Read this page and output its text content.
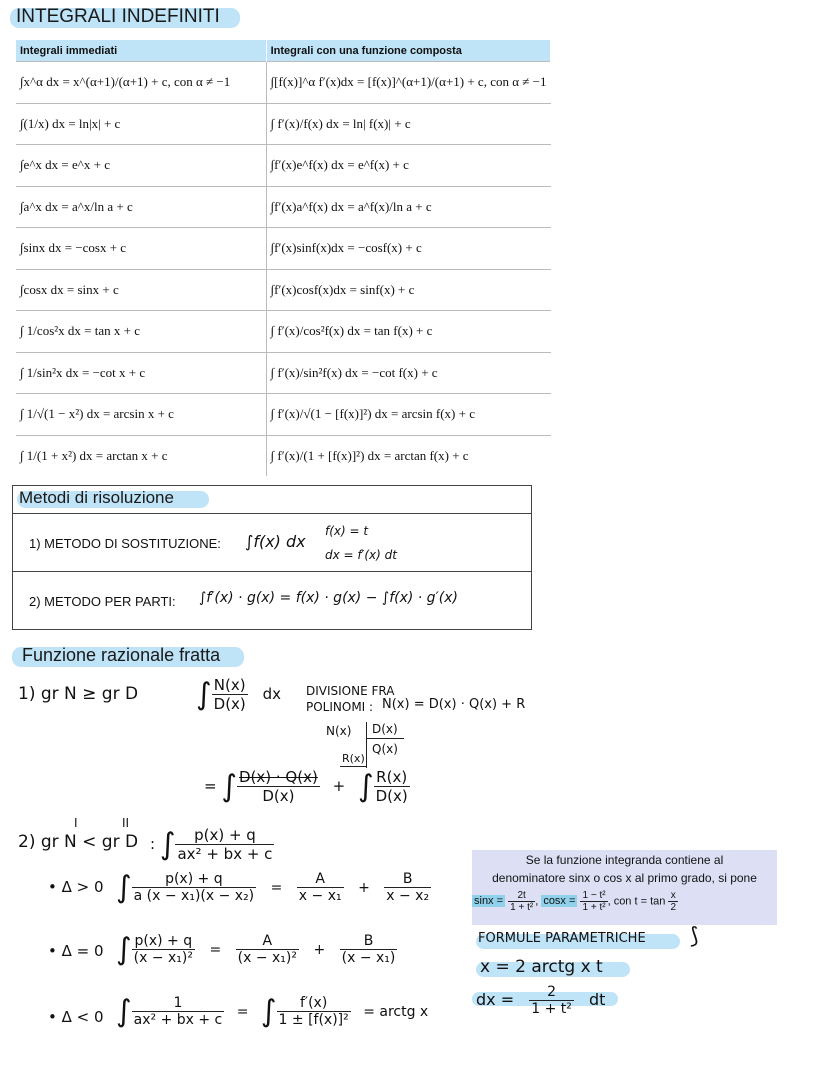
INTEGRALI INDEFINITI
Integrali immediati	Integrali con una funzione composta
∫x^α dx = x^(α+1)/(α+1) + c, con α ≠ −1	∫[f(x)]^α f′(x)dx = [f(x)]^(α+1)/(α+1) + c, con α ≠ −1
∫(1/x) dx = ln|x| + c	∫ f′(x)/f(x) dx = ln| f(x)| + c
∫e^x dx = e^x + c	∫f′(x)e^f(x) dx = e^f(x) + c
∫a^x dx = a^x/ln a + c	∫f′(x)a^f(x) dx = a^f(x)/ln a + c
∫sinx dx = −cosx + c	∫f′(x)sinf(x)dx = −cosf(x) + c
∫cosx dx = sinx + c	∫f′(x)cosf(x)dx = sinf(x) + c
∫ 1/cos²x dx = tan x + c	∫ f′(x)/cos²f(x) dx = tan f(x) + c
∫ 1/sin²x dx = −cot x + c	∫ f′(x)/sin²f(x) dx = −cot f(x) + c
∫ 1/√(1 − x²) dx = arcsin x + c	∫ f′(x)/√(1 − [f(x)]²) dx = arcsin f(x) + c
∫ 1/(1 + x²) dx = arctan x + c	∫ f′(x)/(1 + [f(x)]²) dx = arctan f(x) + c
Metodi di risoluzione
1) METODO DI SOSTITUZIONE: ∫f(x) dx
f(x) = t
dx = f′(x) dt
2) METODO PER PARTI: ∫f′(x) · g(x) = f(x) · g(x) − ∫f(x) · g′(x)
Funzione razionale fratta
1) gr N ≥ gr D ∫ $\frac{N(x)}{D(x)}$ dx DIVISIONE FRA
POLINOMI : N(x) = D(x) · Q(x) + R
N(x) D(x)
Q(x)
R(x)
= ∫ $\frac{D(x) \cdot Q(x)}{D(x)}$ + ∫ $\frac{R(x)}{D(x)}$
I	II
2) gr N < gr D : ∫ $\frac{p(x) + q}{\text{ax² + bx + c}}$
• Δ > 0 ∫ $\frac{p(x) + q}{\text{a (x − x₁)(x − x₂)}} = \frac{A}{\text{x − x₁}} + \frac{B}{\text{x − x₂}}$
• Δ = 0 ∫ $\frac{p(x) + q}{\text{(x − x₁)²}} = \frac{A}{\text{(x − x₁)²}} + \frac{B}{\text{(x − x₁)}}$
• Δ < 0 ∫ $\frac{1}{\text{ax² + bx + c}}$ = ∫ $\frac{f'(x)}{\text{1 ± [f(x)]²}}$ = arctg x
Se la funzione integranda contiene al
denominatore sinx o cos x al primo grado, si pone
$\sin x = \frac{2t}{\text{1 + t²}}$ , $\cos x = \frac{\text{1 − t²}}{\text{1 + t²}}$ , con $t = \tan \frac{x}{2}$
FORMULE PARAMETRICHE ⟆
x = 2 arctg x t
dx = $\frac{2}{\text{1 + t²}}$ dt
